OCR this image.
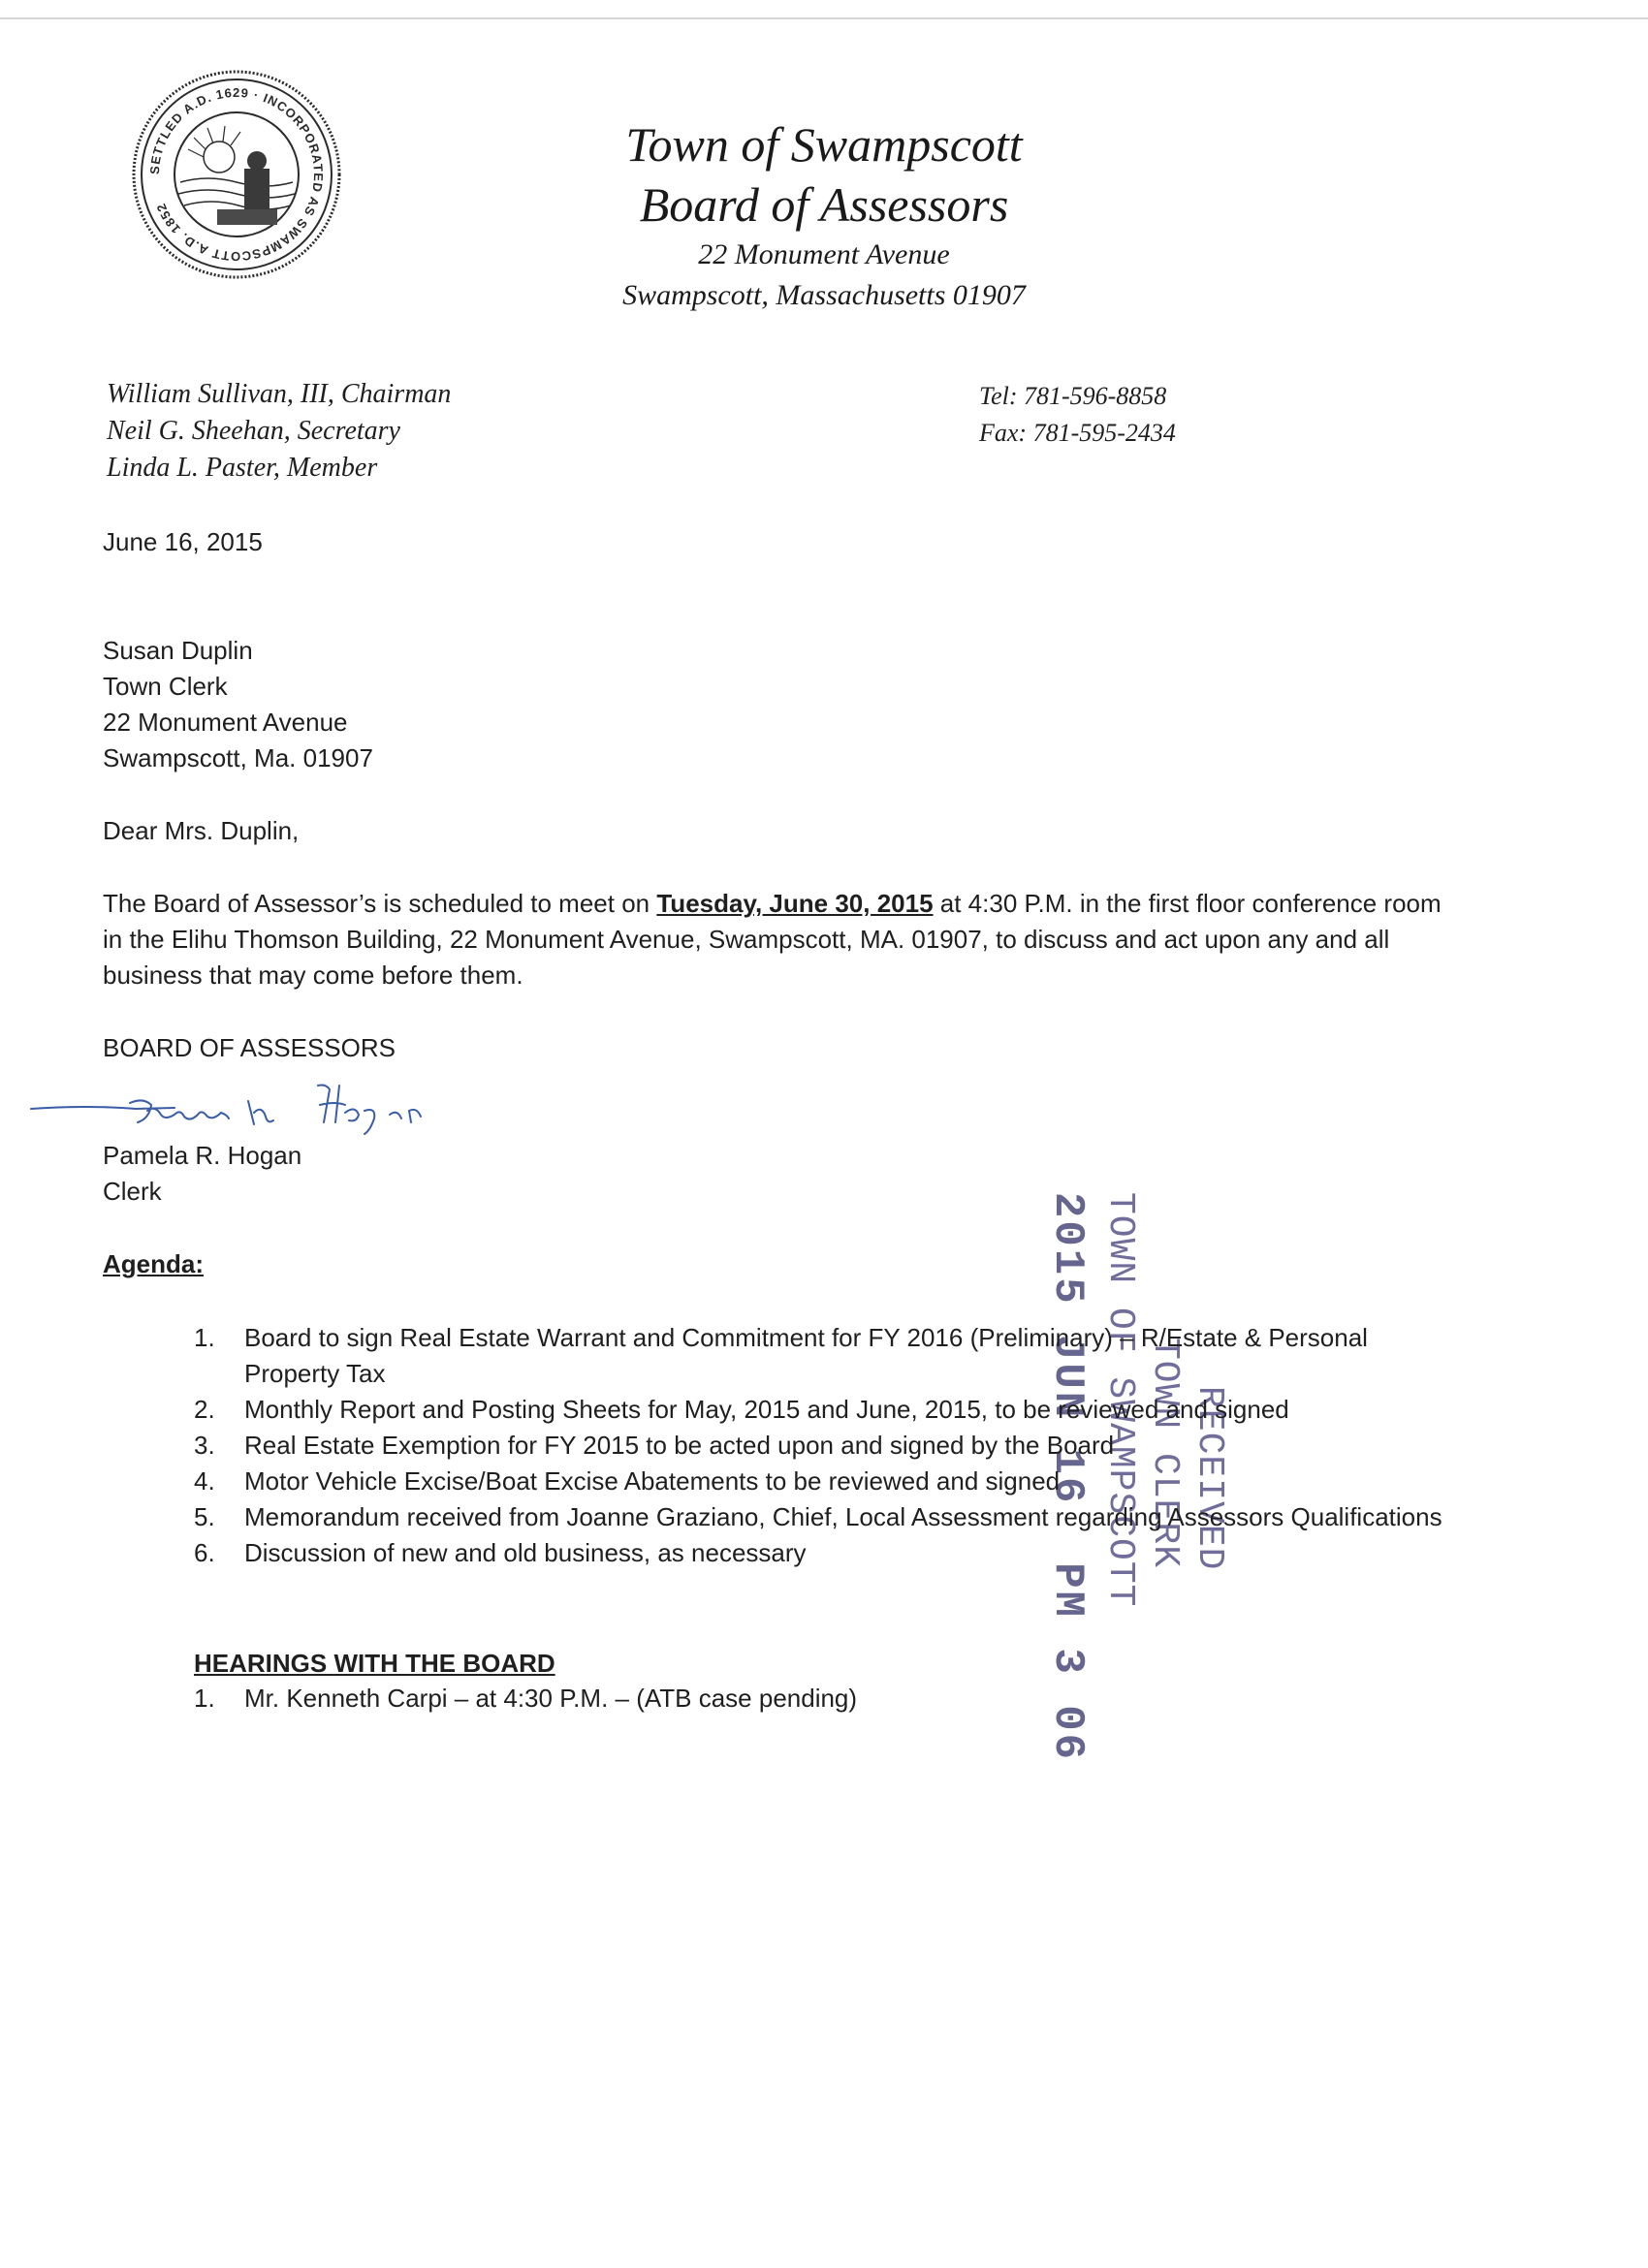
SETTLED A.D. 1629 · INCORPORATED AS SWAMPSCOTT A.D. 1852
Town of Swampscott
Board of Assessors
22 Monument Avenue
Swampscott, Massachusetts 01907
William Sullivan, III, Chairman
Neil G. Sheehan, Secretary
Linda L. Paster, Member
Tel: 781-596-8858
Fax: 781-595-2434
RECEIVED
TOWN CLERK
TOWN OF SWAMPSCOTT
2015 JUN 16  PM 3 06
June 16, 2015
Susan Duplin
Town Clerk
22 Monument Avenue
Swampscott, Ma. 01907
Dear Mrs. Duplin,
The Board of Assessor’s is scheduled to meet on Tuesday, June 30, 2015 at 4:30 P.M. in the first floor conference room
in the Elihu Thomson Building, 22 Monument Avenue, Swampscott, MA. 01907, to discuss and act upon any and all
business that may come before them.
BOARD OF ASSESSORS
Pamela R. Hogan
Clerk
Agenda:
1.	Board to sign Real Estate Warrant and Commitment for FY 2016 (Preliminary) – R/Estate & Personal
Property Tax
2.	Monthly Report and Posting Sheets for May, 2015 and June, 2015, to be reviewed and signed
3.	Real Estate Exemption for FY 2015 to be acted upon and signed by the Board
4.	Motor Vehicle Excise/Boat Excise Abatements to be reviewed and signed
5.	Memorandum received from Joanne Graziano, Chief, Local Assessment regarding Assessors Qualifications
6.	Discussion of new and old business, as necessary
HEARINGS WITH THE BOARD
1.	Mr. Kenneth Carpi – at 4:30 P.M. – (ATB case pending)
